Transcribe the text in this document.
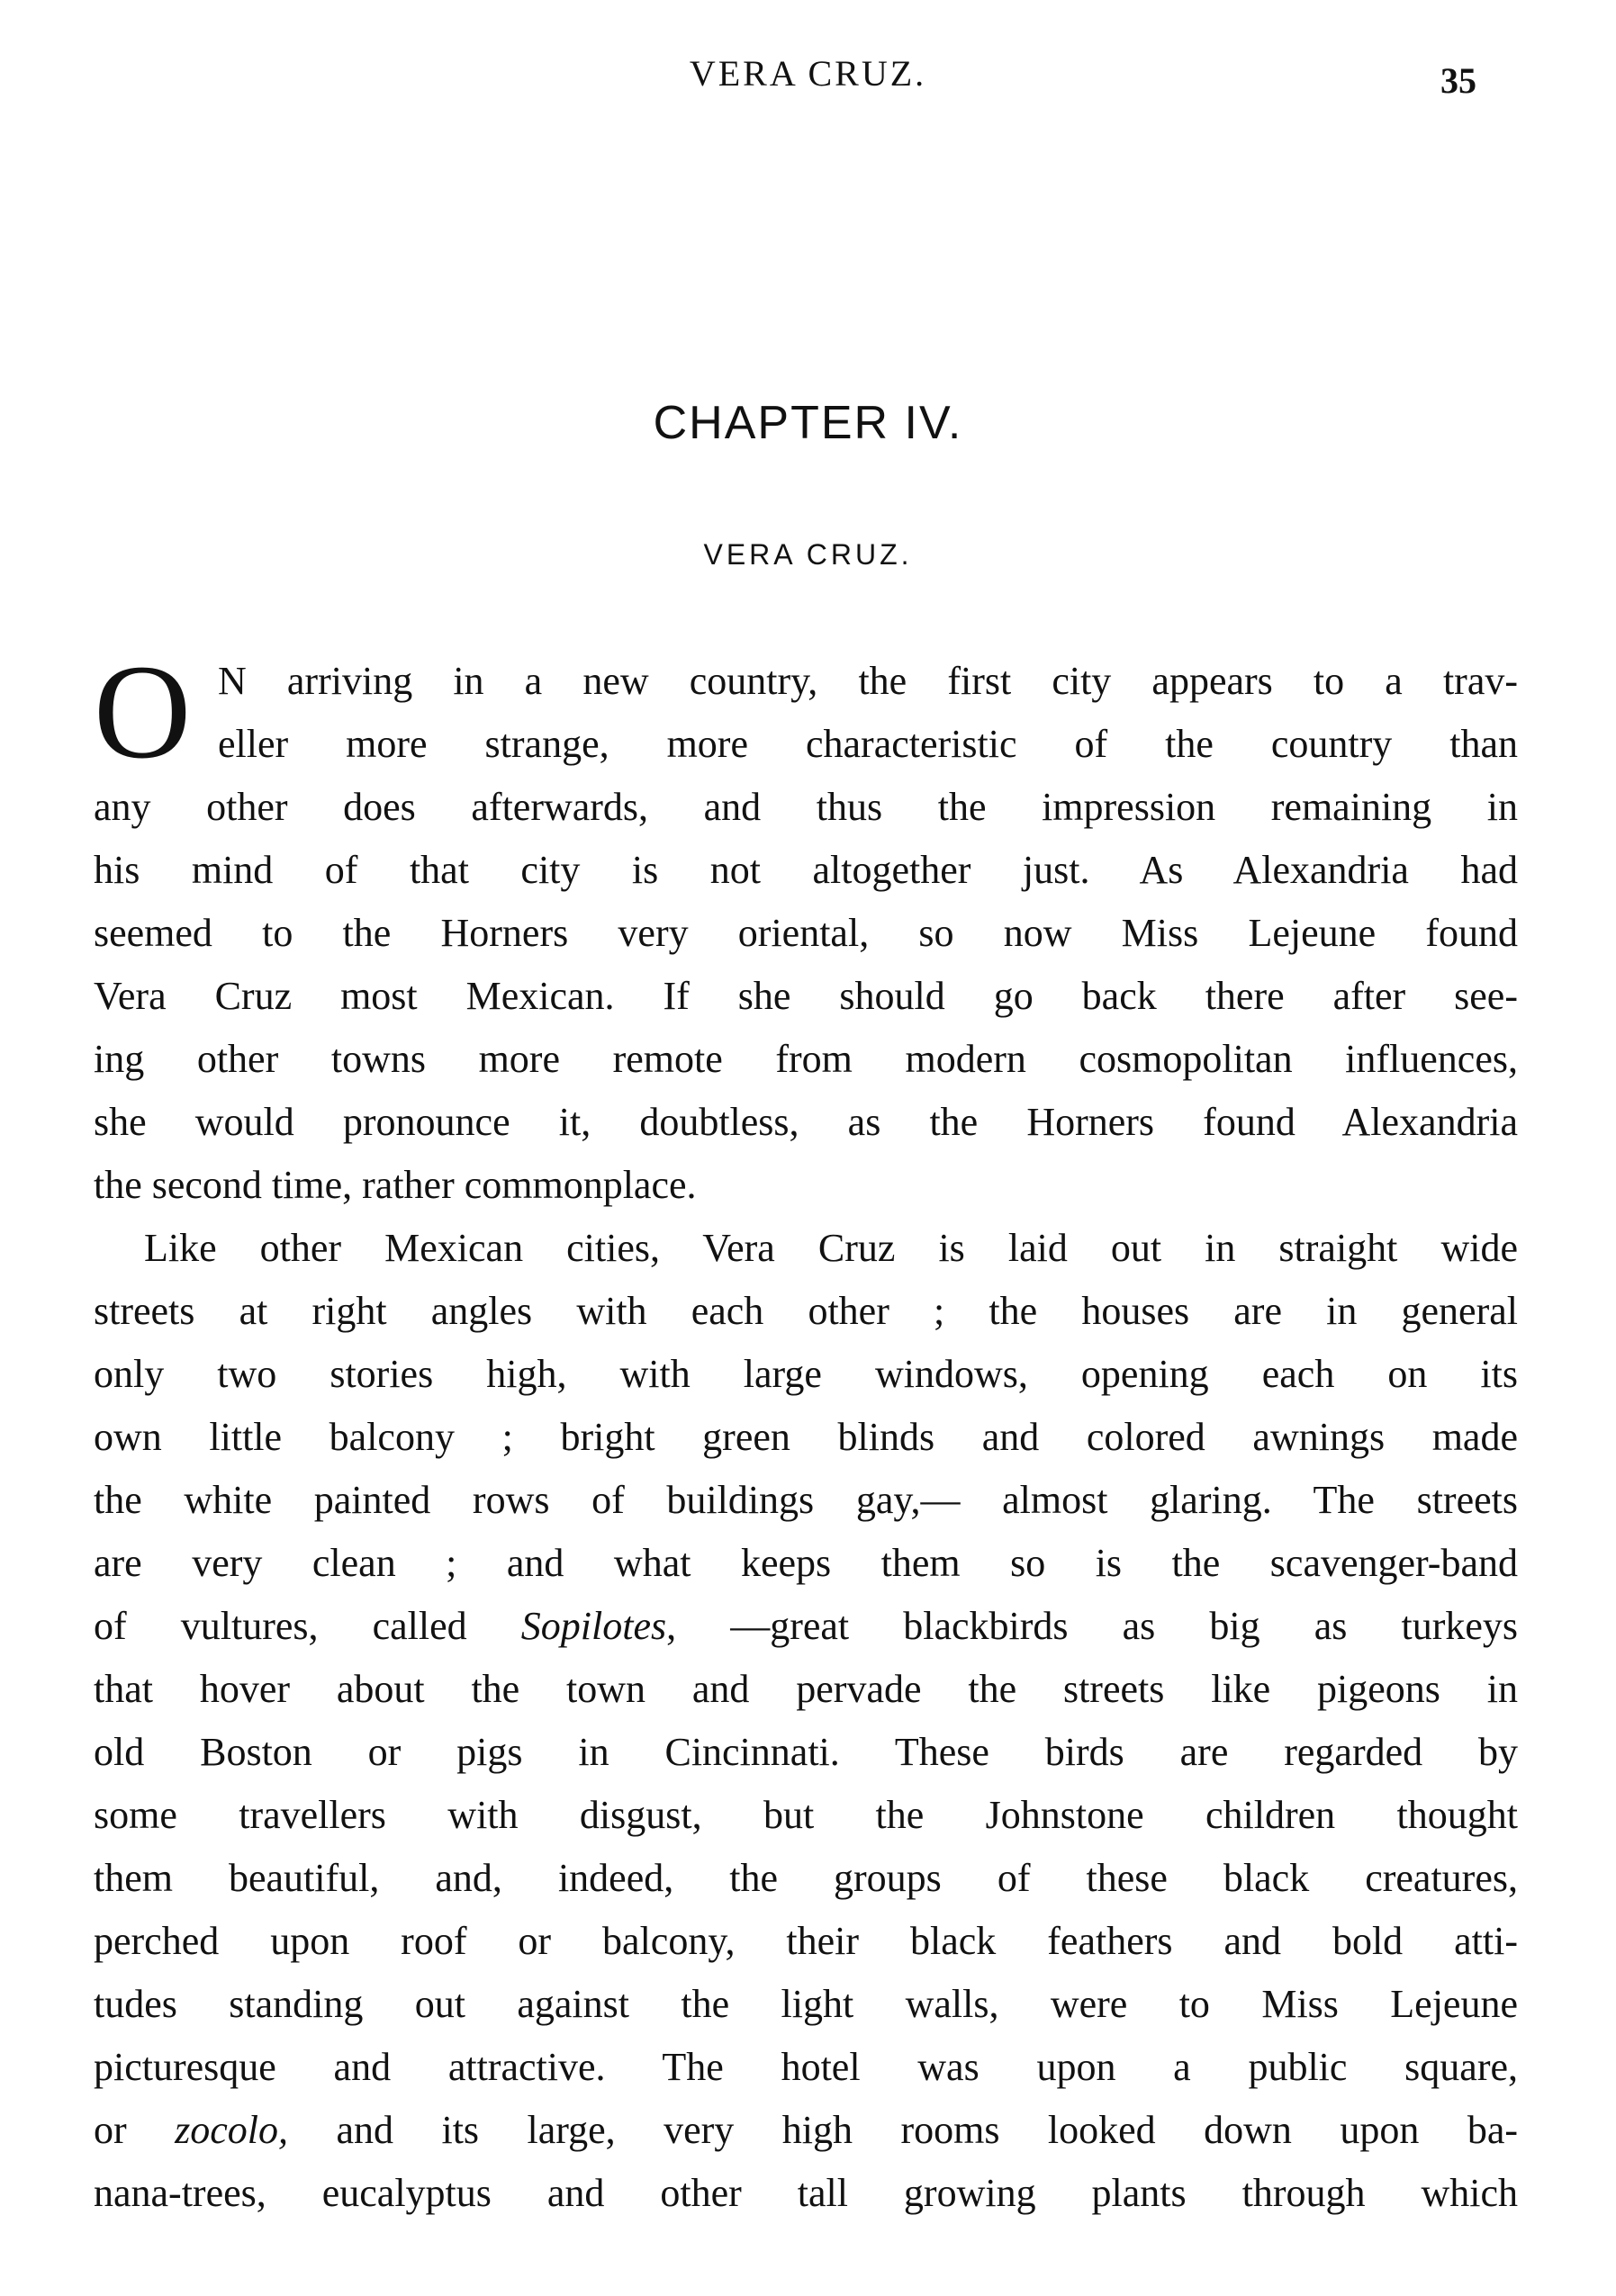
VERA CRUZ.	35
CHAPTER IV.
VERA CRUZ.
O N arriving in a new country, the first city appears to a trav-
eller more strange, more characteristic of the country than
any other does afterwards, and thus the impression remaining in
his mind of that city is not altogether just. As Alexandria had
seemed to the Horners very oriental, so now Miss Lejeune found
Vera Cruz most Mexican. If she should go back there after see-
ing other towns more remote from modern cosmopolitan influences,
she would pronounce it, doubtless, as the Horners found Alexandria
the second time, rather commonplace.
Like other Mexican cities, Vera Cruz is laid out in straight wide
streets at right angles with each other ; the houses are in general
only two stories high, with large windows, opening each on its
own little balcony ; bright green blinds and colored awnings made
the white painted rows of buildings gay,— almost glaring. The streets
are very clean ; and what keeps them so is the scavenger-band
of vultures, called Sopilotes, —great blackbirds as big as turkeys
that hover about the town and pervade the streets like pigeons in
old Boston or pigs in Cincinnati. These birds are regarded by
some travellers with disgust, but the Johnstone children thought
them beautiful, and, indeed, the groups of these black creatures,
perched upon roof or balcony, their black feathers and bold atti-
tudes standing out against the light walls, were to Miss Lejeune
picturesque and attractive. The hotel was upon a public square,
or zocolo, and its large, very high rooms looked down upon ba-
nana-trees, eucalyptus and other tall growing plants through which
